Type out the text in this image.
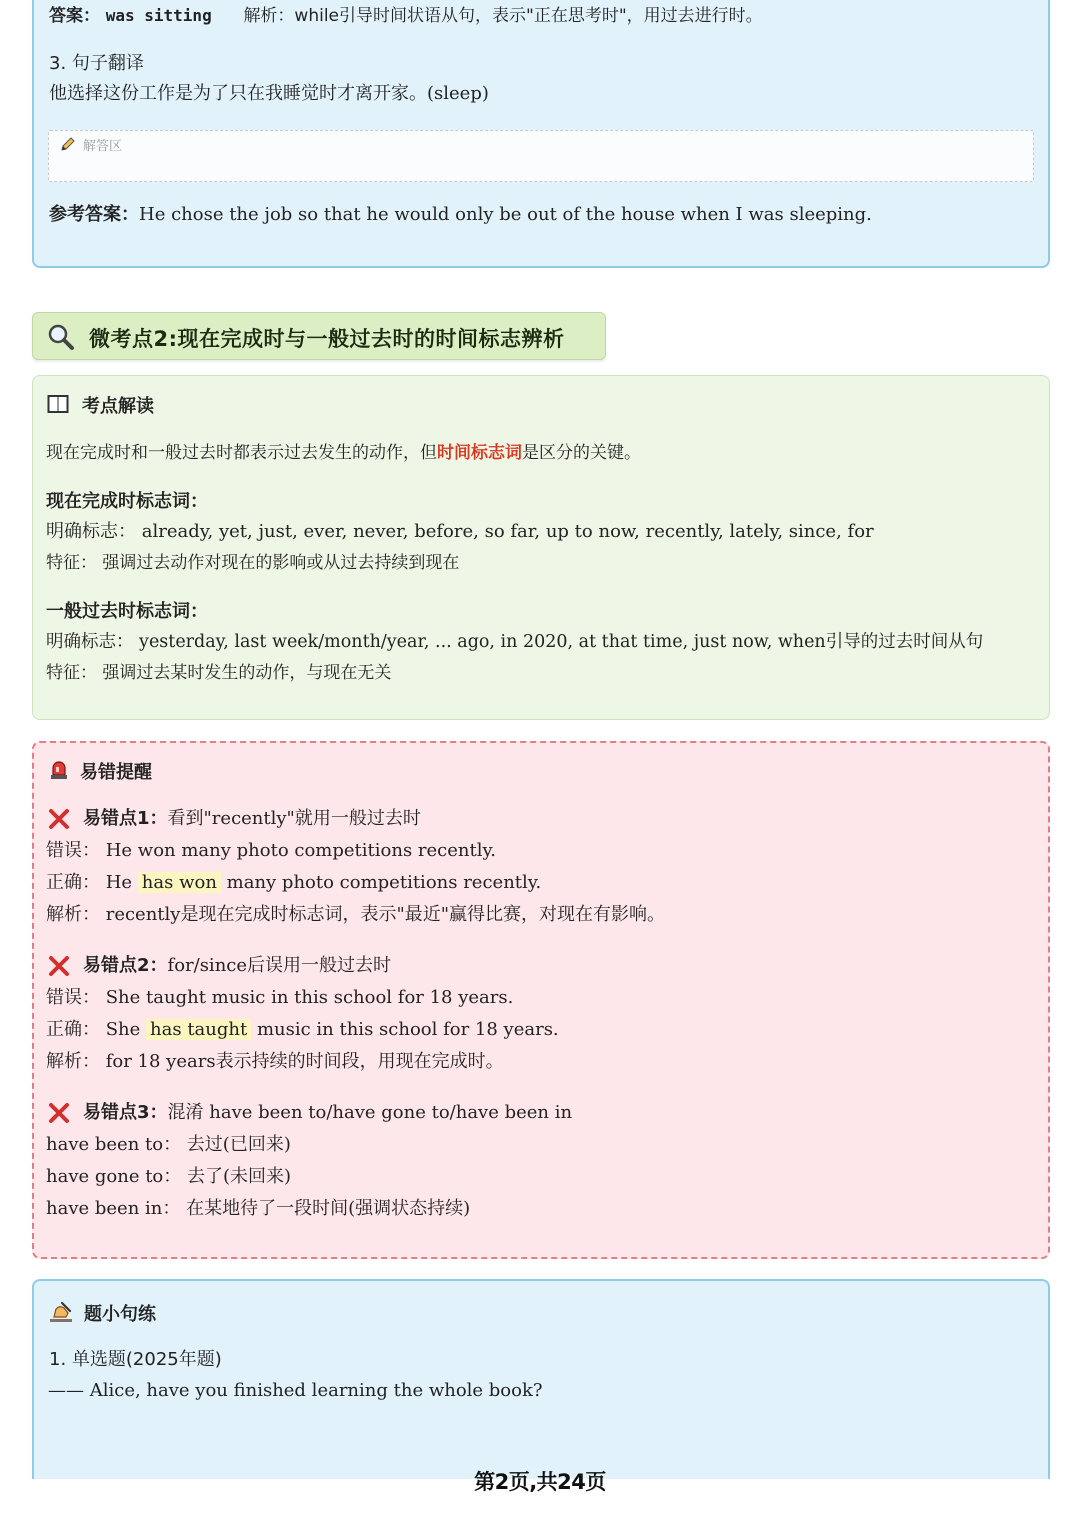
答案： was sitting 解析：while引导时间状语从句，表示"正在思考时"，用过去进行时。
3. 句子翻译
他选择这份工作是为了只在我睡觉时才离开家。(sleep)
解答区
参考答案：He chose the job so that he would only be out of the house when I was sleeping.
微考点2:现在完成时与一般过去时的时间标志辨析
考点解读
现在完成时和一般过去时都表示过去发生的动作，但时间标志词是区分的关键。
现在完成时标志词：
明确标志： already, yet, just, ever, never, before, so far, up to now, recently, lately, since, for
特征： 强调过去动作对现在的影响或从过去持续到现在
一般过去时标志词：
明确标志： yesterday, last week/month/year, ... ago, in 2020, at that time, just now, when引导的过去时间从句
特征： 强调过去某时发生的动作，与现在无关
易错提醒
易错点1：看到"recently"就用一般过去时
错误： He won many photo competitions recently.
正确： He has won many photo competitions recently.
解析： recently是现在完成时标志词，表示"最近"赢得比赛，对现在有影响。
易错点2：for/since后误用一般过去时
错误： She taught music in this school for 18 years.
正确： She has taught music in this school for 18 years.
解析： for 18 years表示持续的时间段，用现在完成时。
易错点3：混淆 have been to/have gone to/have been in
have been to： 去过(已回来)
have gone to： 去了(未回来)
have been in： 在某地待了一段时间(强调状态持续)
题小句练
1. 单选题(2025年题)
—— Alice, have you finished learning the whole book?
第2页,共24页
